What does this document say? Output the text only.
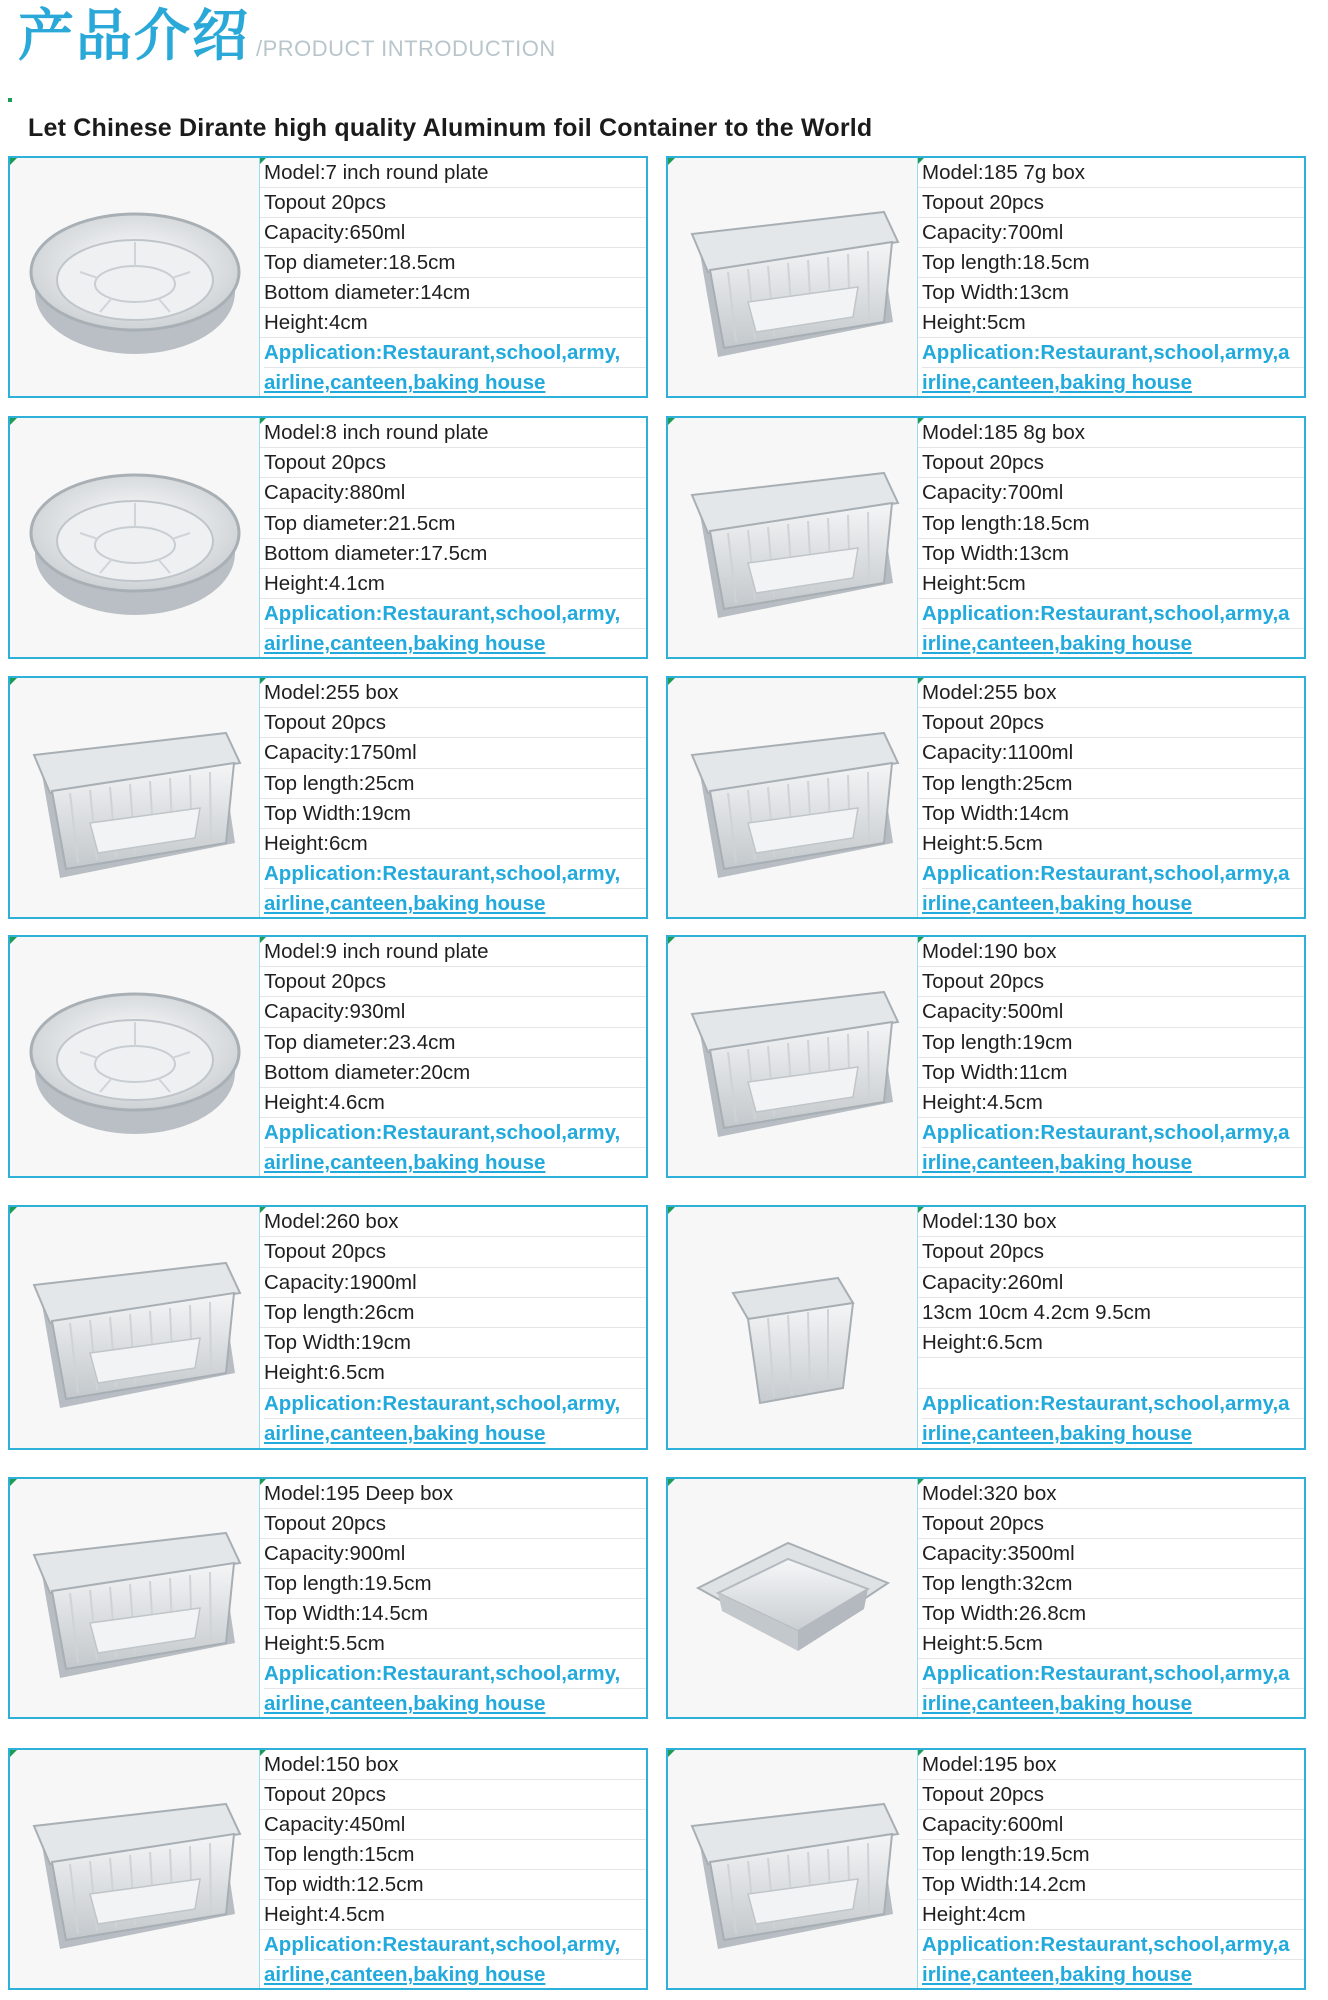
产品介绍 /PRODUCT INTRODUCTION
Let Chinese Dirante high quality Aluminum foil Container to the World
Model:7 inch round plate
Topout 20pcs
Capacity:650ml
Top diameter:18.5cm
Bottom diameter:14cm
Height:4cm
Application:Restaurant,school,army,
airline,canteen,baking house
Model:185 7g box
Topout 20pcs
Capacity:700ml
Top length:18.5cm
Top Width:13cm
Height:5cm
Application:Restaurant,school,army,a
irline,canteen,baking house
Model:8 inch round plate
Topout 20pcs
Capacity:880ml
Top diameter:21.5cm
Bottom diameter:17.5cm
Height:4.1cm
Application:Restaurant,school,army,
airline,canteen,baking house
Model:185 8g box
Topout 20pcs
Capacity:700ml
Top length:18.5cm
Top Width:13cm
Height:5cm
Application:Restaurant,school,army,a
irline,canteen,baking house
Model:255 box
Topout 20pcs
Capacity:1750ml
Top length:25cm
Top Width:19cm
Height:6cm
Application:Restaurant,school,army,
airline,canteen,baking house
Model:255 box
Topout 20pcs
Capacity:1100ml
Top length:25cm
Top Width:14cm
Height:5.5cm
Application:Restaurant,school,army,a
irline,canteen,baking house
Model:9 inch round plate
Topout 20pcs
Capacity:930ml
Top diameter:23.4cm
Bottom diameter:20cm
Height:4.6cm
Application:Restaurant,school,army,
airline,canteen,baking house
Model:190 box
Topout 20pcs
Capacity:500ml
Top length:19cm
Top Width:11cm
Height:4.5cm
Application:Restaurant,school,army,a
irline,canteen,baking house
Model:260 box
Topout 20pcs
Capacity:1900ml
Top length:26cm
Top Width:19cm
Height:6.5cm
Application:Restaurant,school,army,
airline,canteen,baking house
Model:130 box
Topout 20pcs
Capacity:260ml
13cm 10cm 4.2cm 9.5cm
Height:6.5cm
Application:Restaurant,school,army,a
irline,canteen,baking house
Model:195 Deep box
Topout 20pcs
Capacity:900ml
Top length:19.5cm
Top Width:14.5cm
Height:5.5cm
Application:Restaurant,school,army,
airline,canteen,baking house
Model:320 box
Topout 20pcs
Capacity:3500ml
Top length:32cm
Top Width:26.8cm
Height:5.5cm
Application:Restaurant,school,army,a
irline,canteen,baking house
Model:150 box
Topout 20pcs
Capacity:450ml
Top length:15cm
Top width:12.5cm
Height:4.5cm
Application:Restaurant,school,army,
airline,canteen,baking house
Model:195 box
Topout 20pcs
Capacity:600ml
Top length:19.5cm
Top Width:14.2cm
Height:4cm
Application:Restaurant,school,army,a
irline,canteen,baking house
